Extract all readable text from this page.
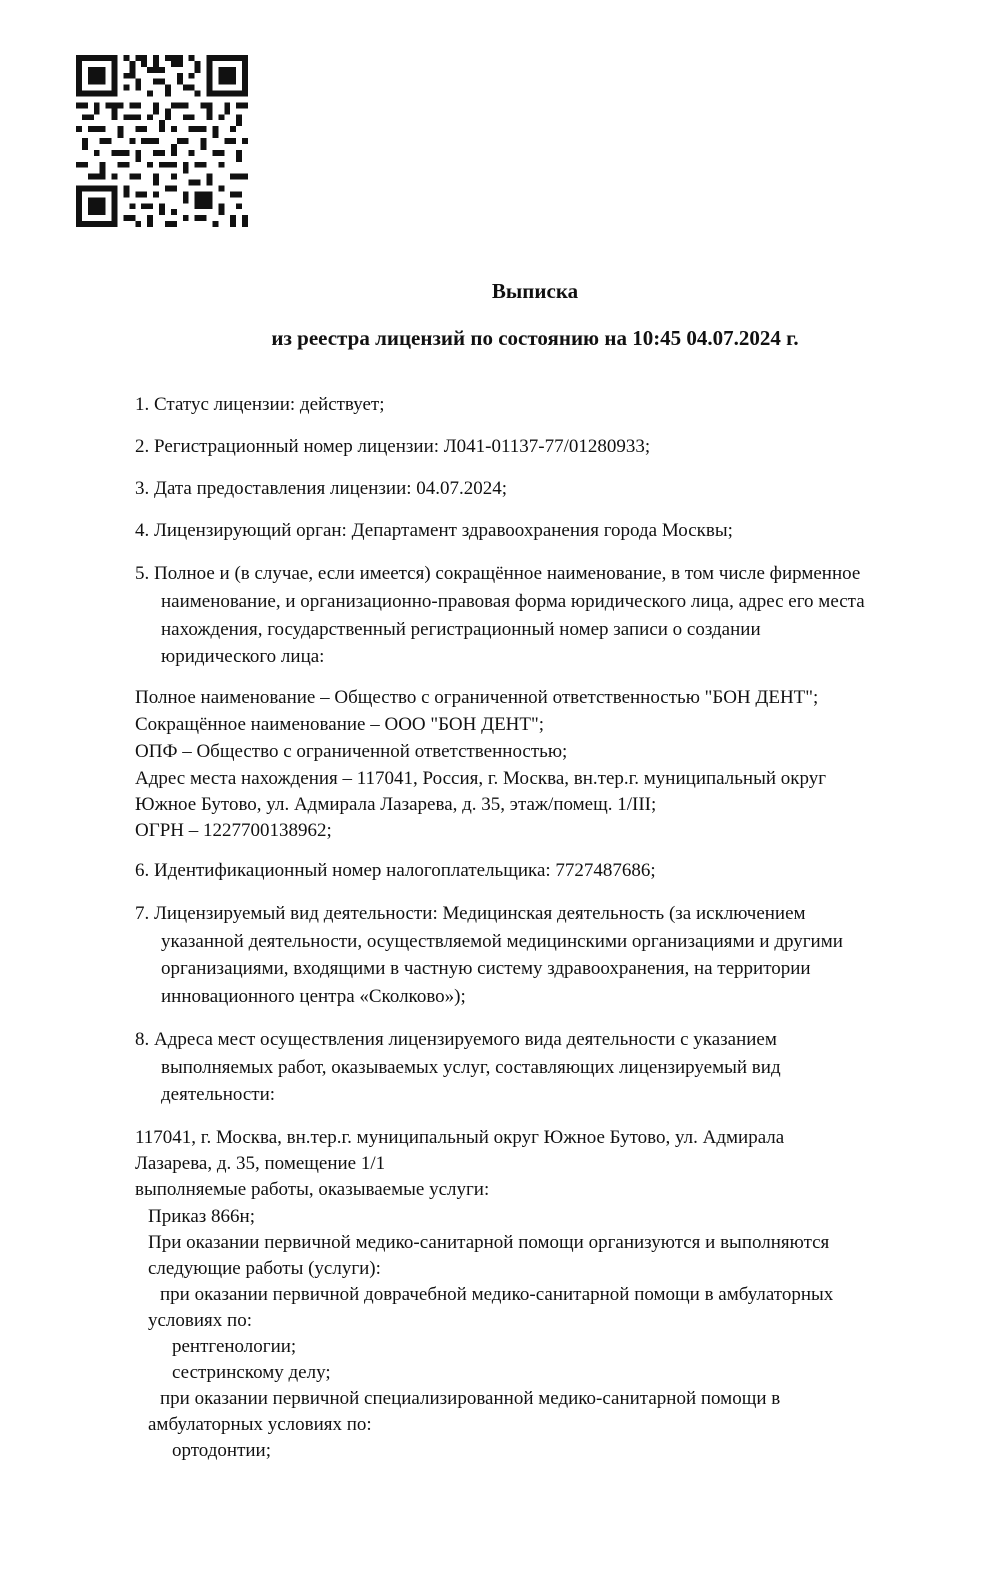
Выписка
из реестра лицензий по состоянию на 10:45 04.07.2024 г.
1. Статус лицензии: действует;
2. Регистрационный номер лицензии: Л041-01137-77/01280933;
3. Дата предоставления лицензии: 04.07.2024;
4. Лицензирующий орган: Департамент здравоохранения города Москвы;
5. Полное и (в случае, если имеется) сокращённое наименование, в том числе фирменное
наименование, и организационно-правовая форма юридического лица, адрес его места
нахождения, государственный регистрационный номер записи о создании
юридического лица:
Полное наименование – Общество с ограниченной ответственностью "БОН ДЕНТ";
Сокращённое наименование – ООО "БОН ДЕНТ";
ОПФ – Общество с ограниченной ответственностью;
Адрес места нахождения – 117041, Россия, г. Москва, вн.тер.г. муниципальный округ
Южное Бутово, ул. Адмирала Лазарева, д. 35, этаж/помещ. 1/III;
ОГРН – 1227700138962;
6. Идентификационный номер налогоплательщика: 7727487686;
7. Лицензируемый вид деятельности: Медицинская деятельность (за исключением
указанной деятельности, осуществляемой медицинскими организациями и другими
организациями, входящими в частную систему здравоохранения, на территории
инновационного центра «Сколково»);
8. Адреса мест осуществления лицензируемого вида деятельности с указанием
выполняемых работ, оказываемых услуг, составляющих лицензируемый вид
деятельности:
117041, г. Москва, вн.тер.г. муниципальный округ Южное Бутово, ул. Адмирала
Лазарева, д. 35, помещение 1/1
выполняемые работы, оказываемые услуги:
Приказ 866н;
При оказании первичной медико-санитарной помощи организуются и выполняются
следующие работы (услуги):
при оказании первичной доврачебной медико-санитарной помощи в амбулаторных
условиях по:
рентгенологии;
сестринскому делу;
при оказании первичной специализированной медико-санитарной помощи в
амбулаторных условиях по:
ортодонтии;
